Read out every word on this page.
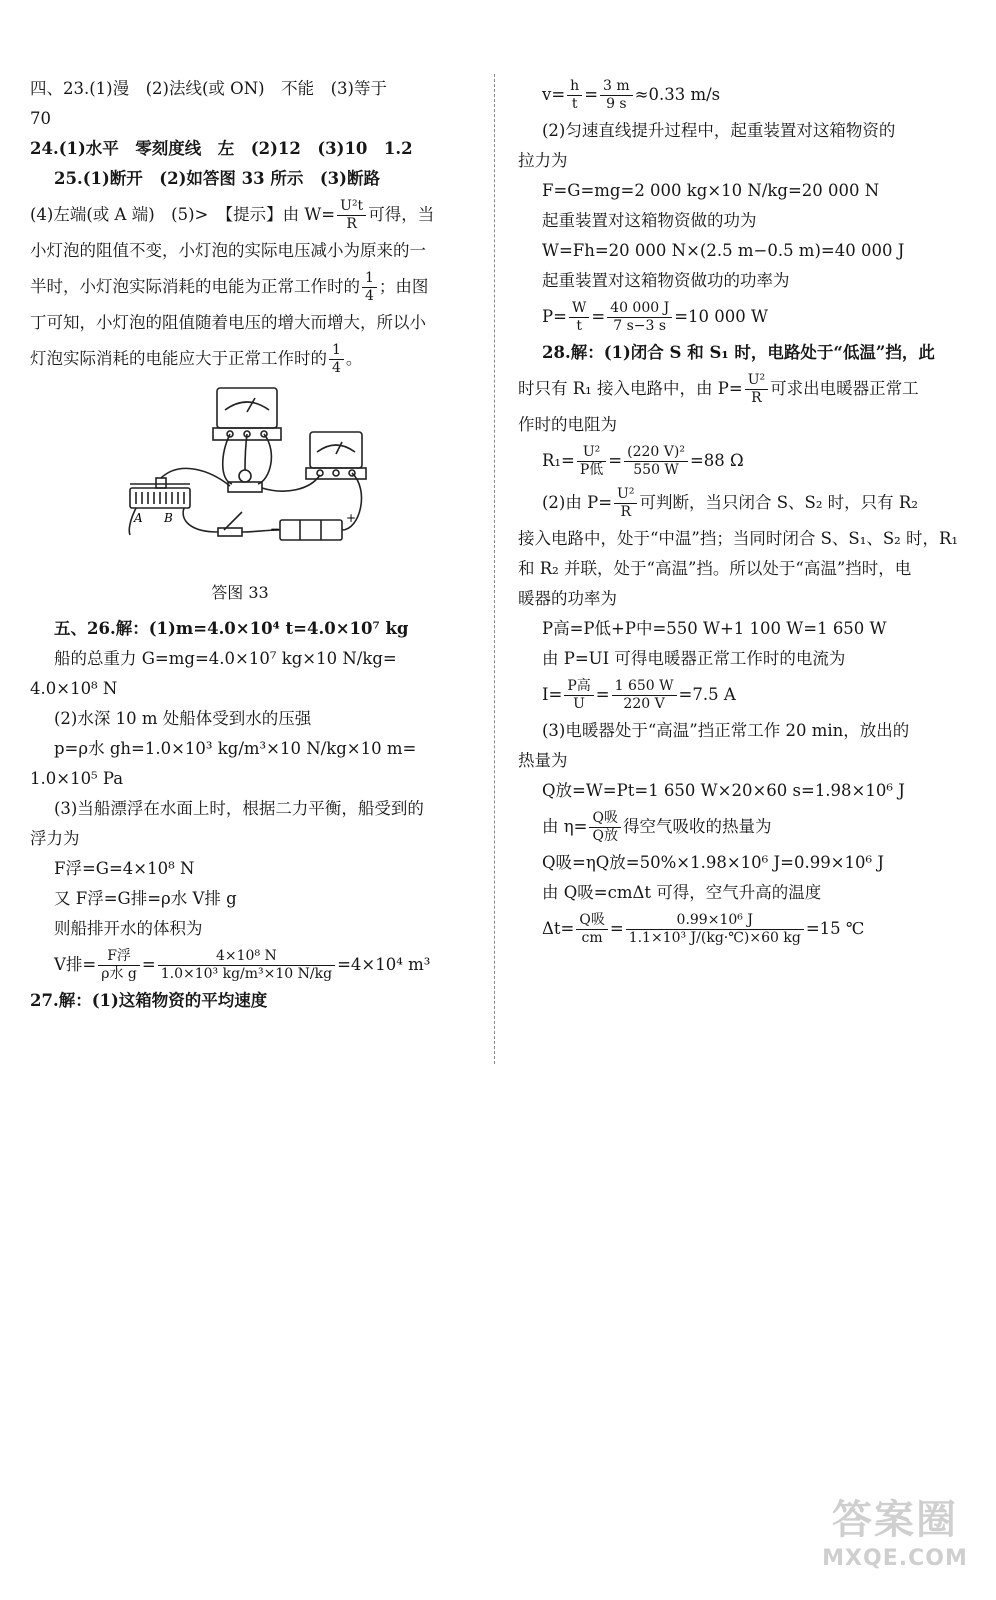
四、23.(1)漫　(2)法线(或 ON)　不能　(3)等于
70
24.(1)水平　零刻度线　左　(2)12　(3)10　1.2
25.(1)断开　(2)如答图 33 所示　(3)断路
(4)左端(或 A 端)　(5)>　【提示】由 $W= \frac{\text{U²t}}{R}$ 可得，当
小灯泡的阻值不变，小灯泡的实际电压减小为原来的一
半时，小灯泡实际消耗的电能为正常工作时的 $\frac{1}{4}$ ；由图
丁可知，小灯泡的阻值随着电压的增大而增大，所以小
灯泡实际消耗的电能应大于正常工作时的 $\frac{1}{4}$ 。
A B
−
+
答图 33
五、26.解：(1)m=4.0×10⁴ t=4.0×10⁷ kg
船的总重力 G=mg=4.0×10⁷ kg×10 N/kg=
4.0×10⁸ N
(2)水深 10 m 处船体受到水的压强
p=ρ水 gh=1.0×10³ kg/m³×10 N/kg×10 m=
1.0×10⁵ Pa
(3)当船漂浮在水面上时，根据二力平衡，船受到的
浮力为
F浮=G=4×10⁸ N
又 F浮=G排=ρ水 V排 g
则船排开水的体积为
V排= $\frac{\text{F浮}}{\text{ρ水 g}} = \frac{\text{4×10⁸ N}}{\text{1.0×10³ kg/m³×10 N/kg}} =4\times 10^4$ m³
27.解：(1)这箱物资的平均速度
$v= \frac{h}{t} = \frac{3 m}{9 s} \approx 0.33$ m/s
(2)匀速直线提升过程中，起重装置对这箱物资的
拉力为
F=G=mg=2 000 kg×10 N/kg=20 000 N
起重装置对这箱物资做的功为
W=Fh=20 000 N×(2.5 m−0.5 m)=40 000 J
起重装置对这箱物资做功的功率为
$P= \frac{W}{t} = \frac{40 000 J}{7 s-3 s} =10$ 000 W
28.解：(1)闭合 S 和 S₁ 时，电路处于“低温”挡，此
时只有 R₁ 接入电路中，由 $P= \frac{\text{U²}}{R}$ 可求出电暖器正常工
作时的电阻为
$R_1= \frac{\text{U²}}{\text{P低}} = \frac{\text{(220 V)²}}{550 W} =88$ Ω
(2)由 $P= \frac{\text{U²}}{R}$ 可判断，当只闭合 S、S₂ 时，只有 R₂
接入电路中，处于“中温”挡；当同时闭合 S、S₁、S₂ 时，R₁
和 R₂ 并联，处于“高温”挡。所以处于“高温”挡时，电
暖器的功率为
P高=P低+P中=550 W+1 100 W=1 650 W
由 P=UI 可得电暖器正常工作时的电流为
$I= \frac{\text{P高}}{U} = \frac{1 650 W}{220 V} =7.5$ A
(3)电暖器处于“高温”挡正常工作 20 min，放出的
热量为
Q放=W=Pt=1 650 W×20×60 s=1.98×10⁶ J
由 $\eta= \frac{\text{Q吸}}{\text{Q放}}$ 得空气吸收的热量为
Q吸=ηQ放=50%×1.98×10⁶ J=0.99×10⁶ J
由 Q吸=cmΔt 可得，空气升高的温度
$\Delta t= \frac{\text{Q吸}}{cm} = \frac{\text{0.99×10⁶ J}}{\text{1.1×10³ J/(kg·℃)×60 kg}} =15$ ℃
答案圈
MXQE.COM
